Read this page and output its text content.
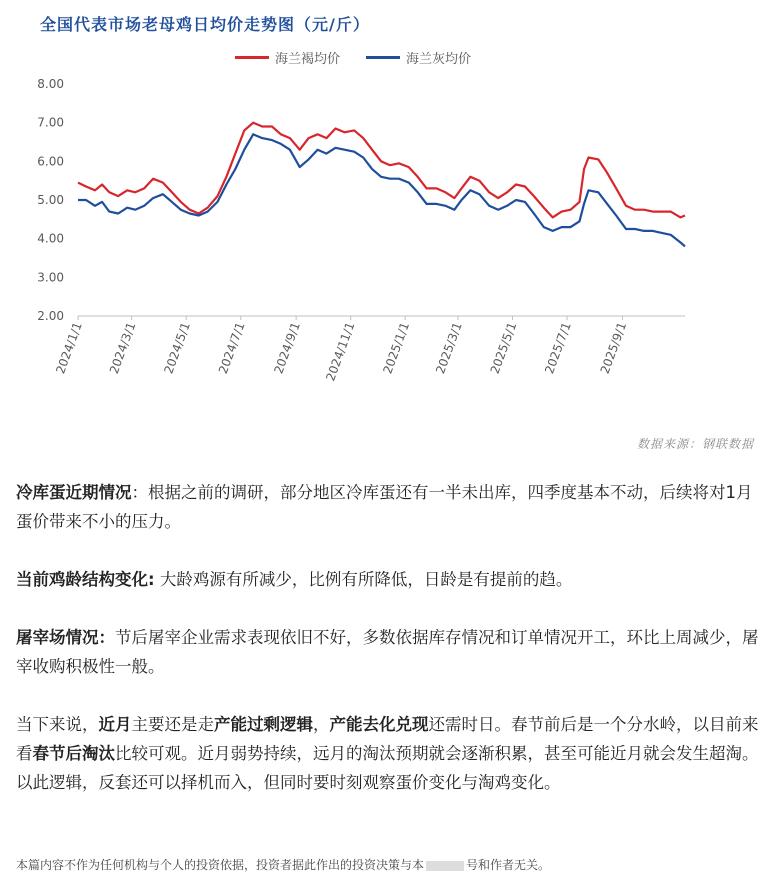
全国代表市场老母鸡日均价走势图（元/斤）
海兰褐均价	海兰灰均价
2.00
3.00
4.00
5.00
6.00
7.00
8.00
2024/1/1 2024/3/1 2024/5/1 2024/7/1 2024/9/1 2024/11/1 2025/1/1 2025/3/1 2025/5/1 2025/7/1 2025/9/1
数据来源：钢联数据

冷库蛋近期情况：根据之前的调研，部分地区冷库蛋还有一半未出库，四季度基本不动，后续将对1月蛋价带来不小的压力。

当前鸡龄结构变化: 大龄鸡源有所减少，比例有所降低，日龄是有提前的趋。

屠宰场情况：节后屠宰企业需求表现依旧不好，多数依据库存情况和订单情况开工，环比上周减少，屠宰收购积极性一般。

当下来说，近月主要还是走产能过剩逻辑，产能去化兑现还需时日。春节前后是一个分水岭，以目前来看春节后淘汰比较可观。近月弱势持续，远月的淘汰预期就会逐渐积累，甚至可能近月就会发生超淘。以此逻辑，反套还可以择机而入，但同时要时刻观察蛋价变化与淘鸡变化。

本篇内容不作为任何机构与个人的投资依据，投资者据此作出的投资决策与本	号和作者无关。
